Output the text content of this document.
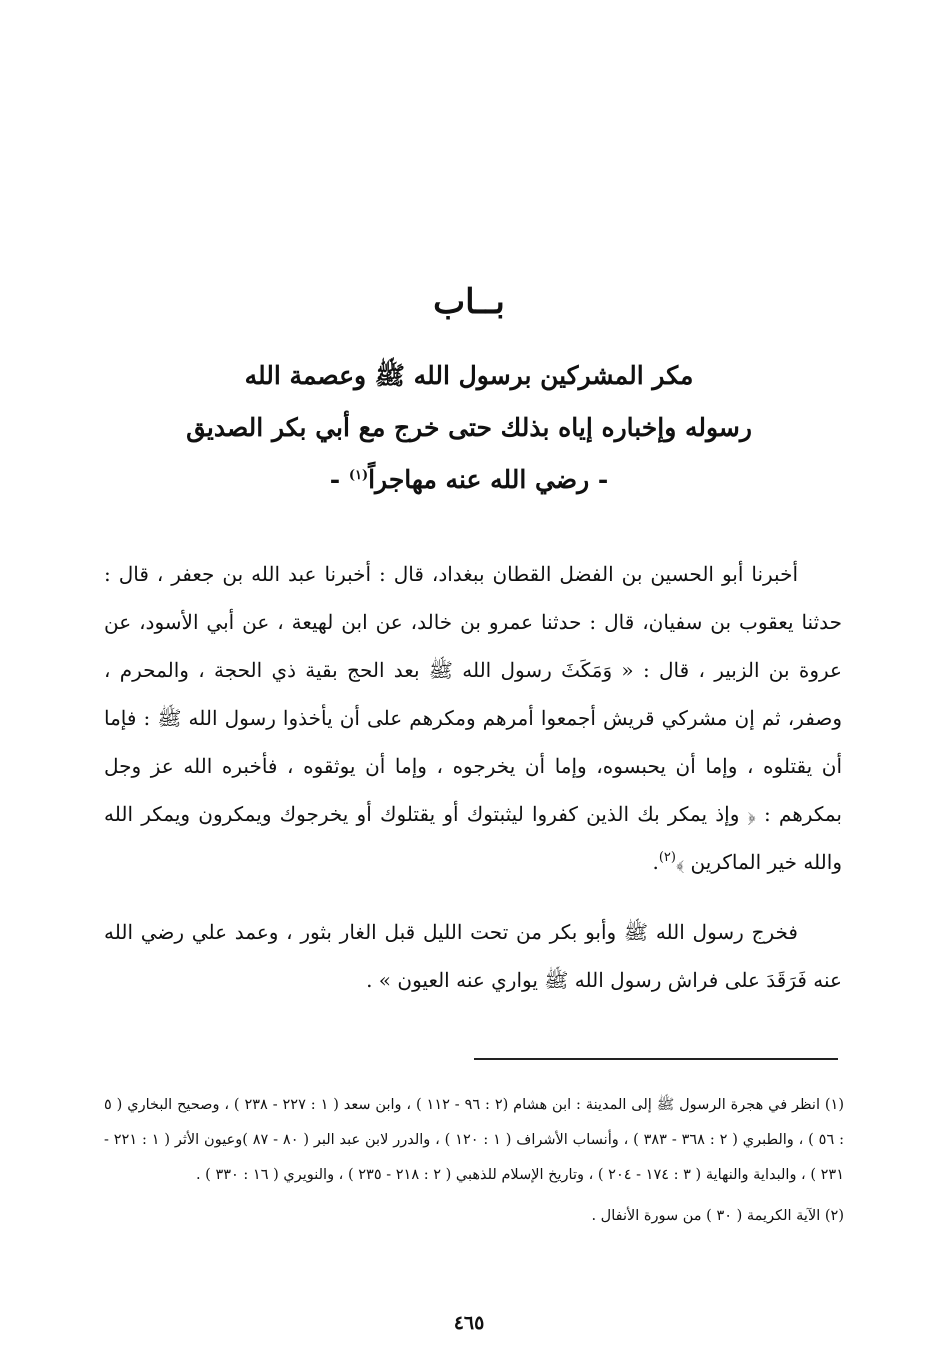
بــاب
مكر المشركين برسول الله ﷺ وعصمة الله
رسوله وإخباره إياه بذلك حتى خرج مع أبي بكر الصديق
- رضي الله عنه مهاجراً$^{(١)}$ -

أخبرنا أبو الحسين بن الفضل القطان ببغداد، قال : أخبرنا عبد الله بن جعفر ، قال : حدثنا يعقوب بن سفيان، قال : حدثنا عمرو بن خالد، عن ابن لهيعة ، عن أبي الأسود، عن عروة بن الزبير ، قال : « وَمَكَثَ رسول الله ﷺ بعد الحج بقية ذي الحجة ، والمحرم ، وصفر، ثم إن مشركي قريش أجمعوا أمرهم ومكرهم على أن يأخذوا رسول الله ﷺ : فإما أن يقتلوه ، وإما أن يحبسوه، وإما أن يخرجوه ، وإما أن يوثقوه ، فأخبره الله عز وجل بمكرهم : ﴿ وإذ يمكر بك الذين كفروا ليثبتوك أو يقتلوك أو يخرجوك ويمكرون ويمكر الله والله خير الماكرين ﴾$^{(٢)}$.

فخرج رسول الله ﷺ وأبو بكر من تحت الليل قبل الغار بثور ، وعمد علي رضي الله عنه فَرَقَدَ على فراش رسول الله ﷺ يواري عنه العيون » .

(١) انظر في هجرة الرسول ﷺ إلى المدينة : ابن هشام (٢ : ٩٦ - ١١٢ ) ، وابن سعد ( ١ : ٢٢٧ - ٢٣٨ ) ، وصحيح البخاري ( ٥ : ٥٦ ) ، والطبري ( ٢ : ٣٦٨ - ٣٨٣ ) ، وأنساب الأشراف ( ١ : ١٢٠ ) ، والدرر لابن عبد البر ( ٨٠ - ٨٧ )وعيون الأثر ( ١ : ٢٢١ - ٢٣١ ) ، والبداية والنهاية ( ٣ : ١٧٤ - ٢٠٤ ) ، وتاريخ الإسلام للذهبي ( ٢ : ٢١٨ - ٢٣٥ ) ، والنويري ( ١٦ : ٣٣٠ ) .

(٢) الآية الكريمة ( ٣٠ ) من سورة الأنفال .

٤٦٥
